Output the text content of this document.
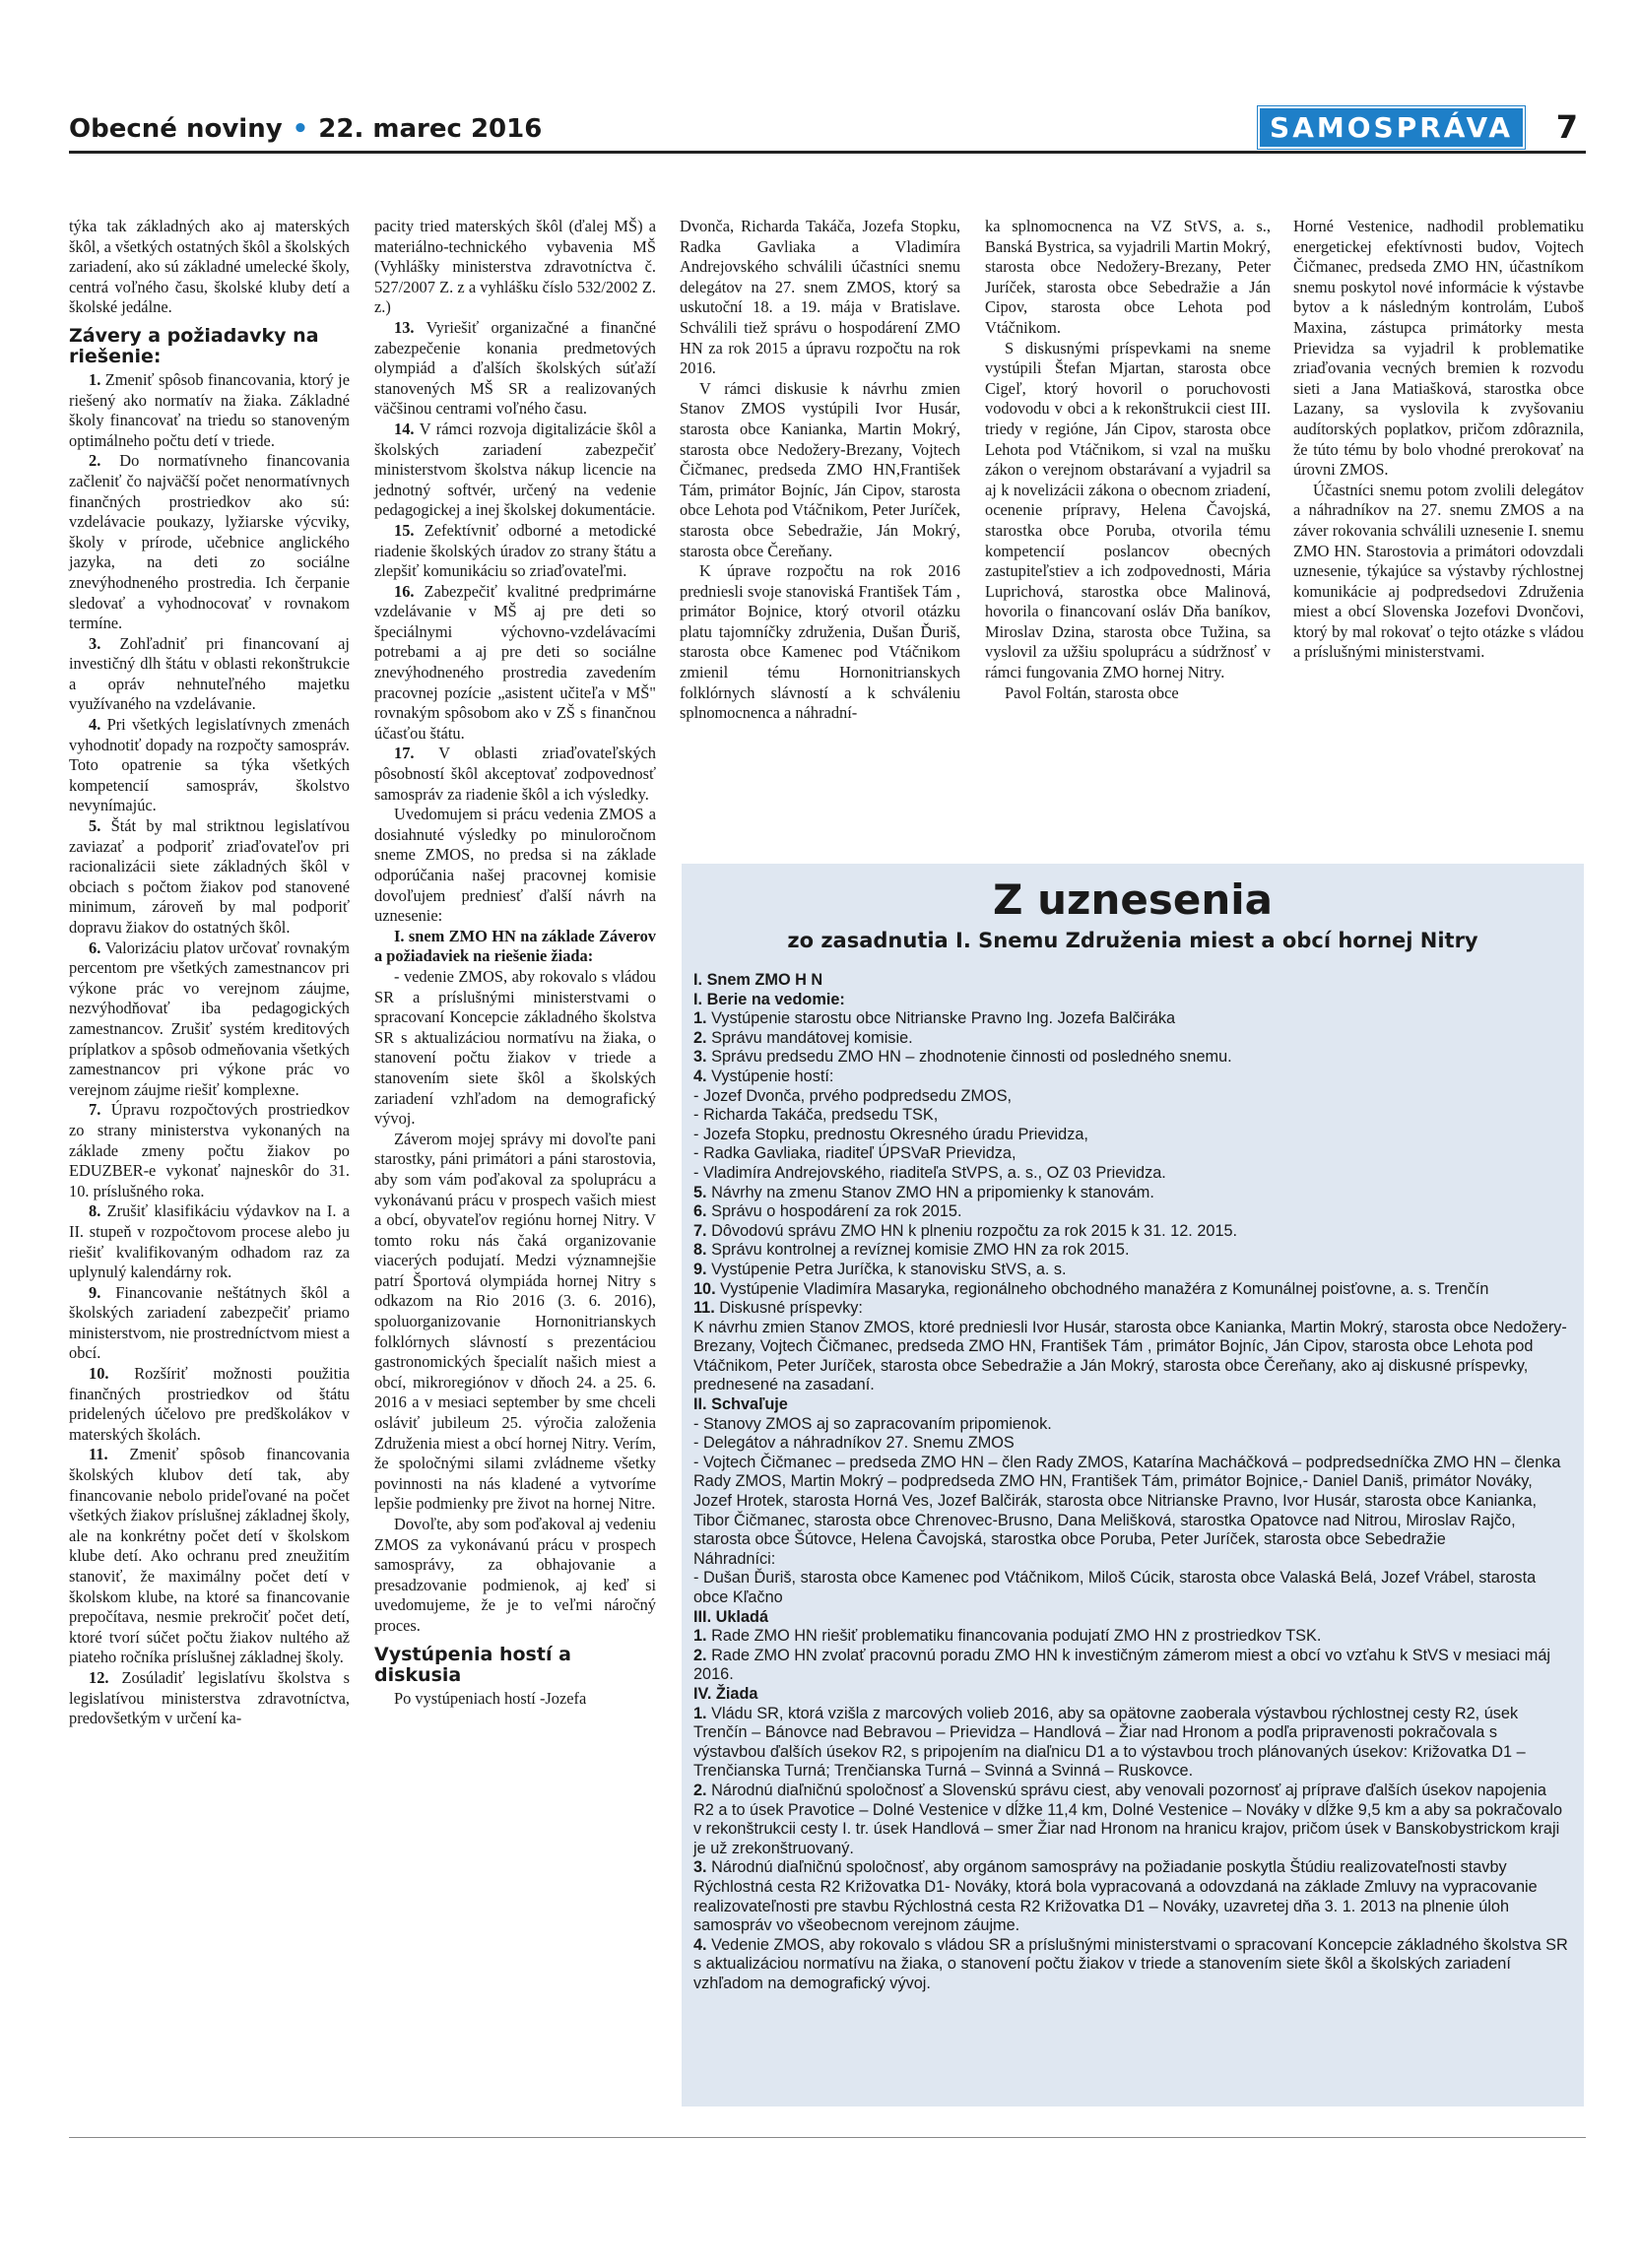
Obecné noviny • 22. marec 2016	SAMOSPRÁVA	7

týka tak základných ako aj materských škôl, a všetkých ostatných škôl a školských zariadení, ako sú základné umelecké školy, centrá voľného času, školské kluby detí a školské jedálne.

Závery a požiadavky na riešenie:

1. Zmeniť spôsob financovania, ktorý je riešený ako normatív na žiaka. Základné školy financovať na triedu so stanoveným optimálneho počtu detí v triede.

2. Do normatívneho financovania začleniť čo najväčší počet nenormatívnych finančných prostriedkov ako sú: vzdelávacie poukazy, lyžiarske výcviky, školy v prírode, učebnice anglického jazyka, na deti zo sociálne znevýhodneného prostredia. Ich čerpanie sledovať a vyhodnocovať v rovnakom termíne.

3. Zohľadniť pri financovaní aj investičný dlh štátu v oblasti rekonštrukcie a opráv nehnuteľného majetku využívaného na vzdelávanie.

4. Pri všetkých legislatívnych zmenách vyhodnotiť dopady na rozpočty samospráv. Toto opatrenie sa týka všetkých kompetencií samospráv, školstvo nevynímajúc.

5. Štát by mal striktnou legislatívou zaviazať a podporiť zriaďovateľov pri racionalizácii siete základných škôl v obciach s počtom žiakov pod stanovené minimum, zároveň by mal podporiť dopravu žiakov do ostatných škôl.

6. Valorizáciu platov určovať rovnakým percentom pre všetkých zamestnancov pri výkone prác vo verejnom záujme, nezvýhodňovať iba pedagogických zamestnancov. Zrušiť systém kreditových príplatkov a spôsob odmeňovania všetkých zamestnancov pri výkone prác vo verejnom záujme riešiť komplexne.

7. Úpravu rozpočtových prostriedkov zo strany ministerstva vykonaných na základe zmeny počtu žiakov po EDUZBER-e vykonať najneskôr do 31. 10. príslušného roka.

8. Zrušiť klasifikáciu výdavkov na I. a II. stupeň v rozpočtovom procese alebo ju riešiť kvalifikovaným odhadom raz za uplynulý kalendárny rok.

9. Financovanie neštátnych škôl a školských zariadení zabezpečiť priamo ministerstvom, nie prostredníctvom miest a obcí.

10. Rozšíriť možnosti použitia finančných prostriedkov od štátu pridelených účelovo pre predškolákov v materských školách.

11. Zmeniť spôsob financovania školských klubov detí tak, aby financovanie nebolo prideľované na počet všetkých žiakov príslušnej základnej školy, ale na konkrétny počet detí v školskom klube detí. Ako ochranu pred zneužitím stanoviť, že maximálny počet detí v školskom klube, na ktoré sa financovanie prepočítava, nesmie prekročiť počet detí, ktoré tvorí súčet počtu žiakov nultého až piateho ročníka príslušnej základnej školy.

12. Zosúladiť legislatívu školstva s legislatívou ministerstva zdravotníctva, predovšetkým v určení ka-

pacity tried materských škôl (ďalej MŠ) a materiálno-technického vybavenia MŠ (Vyhlášky ministerstva zdravotníctva č. 527/2007 Z. z a vyhlášku číslo 532/2002 Z. z.)

13. Vyriešiť organizačné a finančné zabezpečenie konania predmetových olympiád a ďalších školských súťaží stanovených MŠ SR a realizovaných väčšinou centrami voľného času.

14. V rámci rozvoja digitalizácie škôl a školských zariadení zabezpečiť ministerstvom školstva nákup licencie na jednotný softvér, určený na vedenie pedagogickej a inej školskej dokumentácie.

15. Zefektívniť odborné a metodické riadenie školských úradov zo strany štátu a zlepšiť komunikáciu so zriaďovateľmi.

16. Zabezpečiť kvalitné predprimárne vzdelávanie v MŠ aj pre deti so špeciálnymi výchovno-vzdelávacími potrebami a aj pre deti so sociálne znevýhodneného prostredia zavedením pracovnej pozície „asistent učiteľa v MŠ" rovnakým spôsobom ako v ZŠ s finančnou účasťou štátu.

17. V oblasti zriaďovateľských pôsobností škôl akceptovať zodpovednosť samospráv za riadenie škôl a ich výsledky.

Uvedomujem si prácu vedenia ZMOS a dosiahnuté výsledky po minuloročnom sneme ZMOS, no predsa si na základe odporúčania našej pracovnej komisie dovoľujem predniesť ďalší návrh na uznesenie:

I. snem ZMO HN na základe Záverov a požiadaviek na riešenie žiada:

- vedenie ZMOS, aby rokovalo s vládou SR a príslušnými ministerstvami o spracovaní Koncepcie základného školstva SR s aktualizáciou normatívu na žiaka, o stanovení počtu žiakov v triede a stanovením siete škôl a školských zariadení vzhľadom na demografický vývoj.

Záverom mojej správy mi dovoľte pani starostky, páni primátori a páni starostovia, aby som vám poďakoval za spoluprácu a vykonávanú prácu v prospech vašich miest a obcí, obyvateľov regiónu hornej Nitry. V tomto roku nás čaká organizovanie viacerých podujatí. Medzi významnejšie patrí Športová olympiáda hornej Nitry s odkazom na Rio 2016 (3. 6. 2016), spoluorganizovanie Hornonitrianskych folklórnych slávností s prezentáciou gastronomických špecialít našich miest a obcí, mikroregiónov v dňoch 24. a 25. 6. 2016 a v mesiaci september by sme chceli osláviť jubileum 25. výročia založenia Združenia miest a obcí hornej Nitry. Verím, že spoločnými silami zvládneme všetky povinnosti na nás kladené a vytvoríme lepšie podmienky pre život na hornej Nitre.

Dovoľte, aby som poďakoval aj vedeniu ZMOS za vykonávanú prácu v prospech samosprávy, za obhajovanie a presadzovanie podmienok, aj keď si uvedomujeme, že je to veľmi náročný proces.

Vystúpenia hostí a diskusia

Po vystúpeniach hostí -Jozefa

Dvonča, Richarda Takáča, Jozefa Stopku, Radka Gavliaka a Vladimíra Andrejovského schválili účastníci snemu delegátov na 27. snem ZMOS, ktorý sa uskutoční 18. a 19. mája v Bratislave. Schválili tiež správu o hospodárení ZMO HN za rok 2015 a úpravu rozpočtu na rok 2016.

V rámci diskusie k návrhu zmien Stanov ZMOS vystúpili Ivor Husár, starosta obce Kanianka, Martin Mokrý, starosta obce Nedožery-Brezany, Vojtech Čičmanec, predseda ZMO HN,František Tám, primátor Bojníc, Ján Cipov, starosta obce Lehota pod Vtáčnikom, Peter Juríček, starosta obce Sebedražie, Ján Mokrý, starosta obce Čereňany.

K úprave rozpočtu na rok 2016 prednieslі svoje stanoviská František Tám , primátor Bojnice, ktorý otvoril otázku platu tajomníčky združenia, Dušan Ďuriš, starosta obce Kamenec pod Vtáčnikom zmienil tému Hornonitrianskych folklórnych slávností a k schváleniu splnomocnenca a náhradní-

ka splnomocnenca na VZ StVS, a. s., Banská Bystrica, sa vyjadrili Martin Mokrý, starosta obce Nedožery-Brezany, Peter Juríček, starosta obce Sebedražie a Ján Cipov, starosta obce Lehota pod Vtáčnikom.

S diskusnými príspevkami na sneme vystúpili Štefan Mjartan, starosta obce Cigeľ, ktorý hovoril o poruchovosti vodovodu v obci a k rekonštrukcii ciest III. triedy v regióne, Ján Cipov, starosta obce Lehota pod Vtáčnikom, si vzal na mušku zákon o verejnom obstarávaní a vyjadril sa aj k novelizácii zákona o obecnom zriadení, ocenenie prípravy, Helena Čavojská, starostka obce Poruba, otvorila tému kompetencií poslancov obecných zastupiteľstiev a ich zodpovednosti, Mária Luprichová, starostka obce Malinová, hovorila o financovaní osláv Dňa baníkov, Miroslav Dzina, starosta obce Tužina, sa vyslovil za užšiu spoluprácu a súdržnosť v rámci fungovania ZMO hornej Nitry.

Pavol Foltán, starosta obce

Horné Vestenice, nadhodil problematiku energetickej efektívnosti budov, Vojtech Čičmanec, predseda ZMO HN, účastníkom snemu poskytol nové informácie k výstavbe bytov a k následným kontrolám, Ľuboš Maxina, zástupca primátorky mesta Prievidza sa vyjadril k problematike zriaďovania vecných bremien k rozvodu sieti a Jana Matiašková, starostka obce Lazany, sa vyslovila k zvyšovaniu audítorských poplatkov, pričom zdôraznila, že túto tému by bolo vhodné prerokovať na úrovni ZMOS.

Účastníci snemu potom zvolili delegátov a náhradníkov na 27. snemu ZMOS a na záver rokovania schválili uznesenie I. snemu ZMO HN. Starostovia a primátori odovzdali uznesenie, týkajúce sa výstavby rýchlostnej komunikácie aj podpredsedovi Združenia miest a obcí Slovenska Jozefovi Dvončovi, ktorý by mal rokovať o tejto otázke s vládou a príslušnými ministerstvami.

Z uznesenia
zo zasadnutia I. Snemu Združenia miest a obcí hornej Nitry
I. Snem ZMO H N
I. Berie na vedomie:
1. Vystúpenie starostu obce Nitrianske Pravno Ing. Jozefa Balčiráka
2. Správu mandátovej komisie.
3. Správu predsedu ZMO HN – zhodnotenie činnosti od posledného snemu.
4. Vystúpenie hostí:
- Jozef Dvonča, prvého podpredsedu ZMOS,
- Richarda Takáča, predsedu TSK,
- Jozefa Stopku, prednostu Okresného úradu Prievidza,
- Radka Gavliaka, riaditeľ ÚPSVaR Prievidza,
- Vladimíra Andrejovského, riaditeľa StVPS, a. s., OZ 03 Prievidza.
5. Návrhy na zmenu Stanov ZMO HN a pripomienky k stanovám.
6. Správu o hospodárení za rok 2015.
7. Dôvodovú správu ZMO HN k plneniu rozpočtu za rok 2015 k 31. 12. 2015.
8. Správu kontrolnej a revíznej komisie ZMO HN za rok 2015.
9. Vystúpenie Petra Juríčka, k stanovisku StVS, a. s.
10. Vystúpenie Vladimíra Masaryka, regionálneho obchodného manažéra z Komunálnej poisťovne, a. s. Trenčín
11. Diskusné príspevky:
K návrhu zmien Stanov ZMOS, ktoré predniesli Ivor Husár, starosta obce Kanianka, Martin Mokrý, starosta obce Nedožery-Brezany, Vojtech Čičmanec, predseda ZMO HN, František Tám , primátor Bojníc, Ján Cipov, starosta obce Lehota pod Vtáčnikom, Peter Juríček, starosta obce Sebedražie a Ján Mokrý, starosta obce Čereňany, ako aj diskusné príspevky, prednesené na zasadaní.
II. Schvaľuje
- Stanovy ZMOS aj so zapracovaním pripomienok.
- Delegátov a náhradníkov 27. Snemu ZMOS
- Vojtech Čičmanec – predseda ZMO HN – člen Rady ZMOS, Katarína Macháčková – podpredsedníčka ZMO HN – členka Rady ZMOS, Martin Mokrý – podpredseda ZMO HN, František Tám, primátor Bojnice,- Daniel Daniš, primátor Nováky, Jozef Hrotek, starosta Horná Ves, Jozef Balčirák, starosta obce Nitrianske Pravno, Ivor Husár, starosta obce Kanianka, Tibor Čičmanec, starosta obce Chrenovec-Brusno, Dana Melišková, starostka Opatovce nad Nitrou, Miroslav Rajčo, starosta obce Šútovce, Helena Čavojská, starostka obce Poruba, Peter Juríček, starosta obce Sebedražie
Náhradníci:
- Dušan Ďuriš, starosta obce Kamenec pod Vtáčnikom, Miloš Cúcik, starosta obce Valaská Belá, Jozef Vrábel, starosta obce Kľačno
III. Ukladá
1. Rade ZMO HN riešiť problematiku financovania podujatí ZMO HN z prostriedkov TSK.
2. Rade ZMO HN zvolať pracovnú poradu ZMO HN k investičným zámerom miest a obcí vo vzťahu k StVS v mesiaci máj 2016.
IV. Žiada
1. Vládu SR, ktorá vzišla z marcových volieb 2016, aby sa opätovne zaoberala výstavbou rýchlostnej cesty R2, úsek Trenčín – Bánovce nad Bebravou – Prievidza – Handlová – Žiar nad Hronom a podľa pripravenosti pokračovala s výstavbou ďalších úsekov R2, s pripojením na diaľnicu D1 a to výstavbou troch plánovaných úsekov: Križovatka D1 – Trenčianska Turná; Trenčianska Turná – Svinná a Svinná – Ruskovce.
2. Národnú diaľničnú spoločnosť a Slovenskú správu ciest, aby venovali pozornosť aj príprave ďalších úsekov napojenia R2 a to úsek Pravotice – Dolné Vestenice v dĺžke 11,4 km, Dolné Vestenice – Nováky v dĺžke 9,5 km a aby sa pokračovalo v rekonštrukcii cesty I. tr. úsek Handlová – smer Žiar nad Hronom na hranicu krajov, pričom úsek v Banskobystrickom kraji je už zrekonštruovaný.
3. Národnú diaľničnú spoločnosť, aby orgánom samosprávy na požiadanie poskytla Štúdiu realizovateľnosti stavby Rýchlostná cesta R2 Križovatka D1- Nováky, ktorá bola vypracovaná a odovzdaná na základe Zmluvy na vypracovanie realizovateľnosti pre stavbu Rýchlostná cesta R2 Križovatka D1 – Nováky, uzavretej dňa 3. 1. 2013 na plnenie úloh samospráv vo všeobecnom verejnom záujme.
4. Vedenie ZMOS, aby rokovalo s vládou SR a príslušnými ministerstvami o spracovaní Koncepcie základného školstva SR s aktualizáciou normatívu na žiaka, o stanovení počtu žiakov v triede a stanovením siete škôl a školských zariadení vzhľadom na demografický vývoj.
